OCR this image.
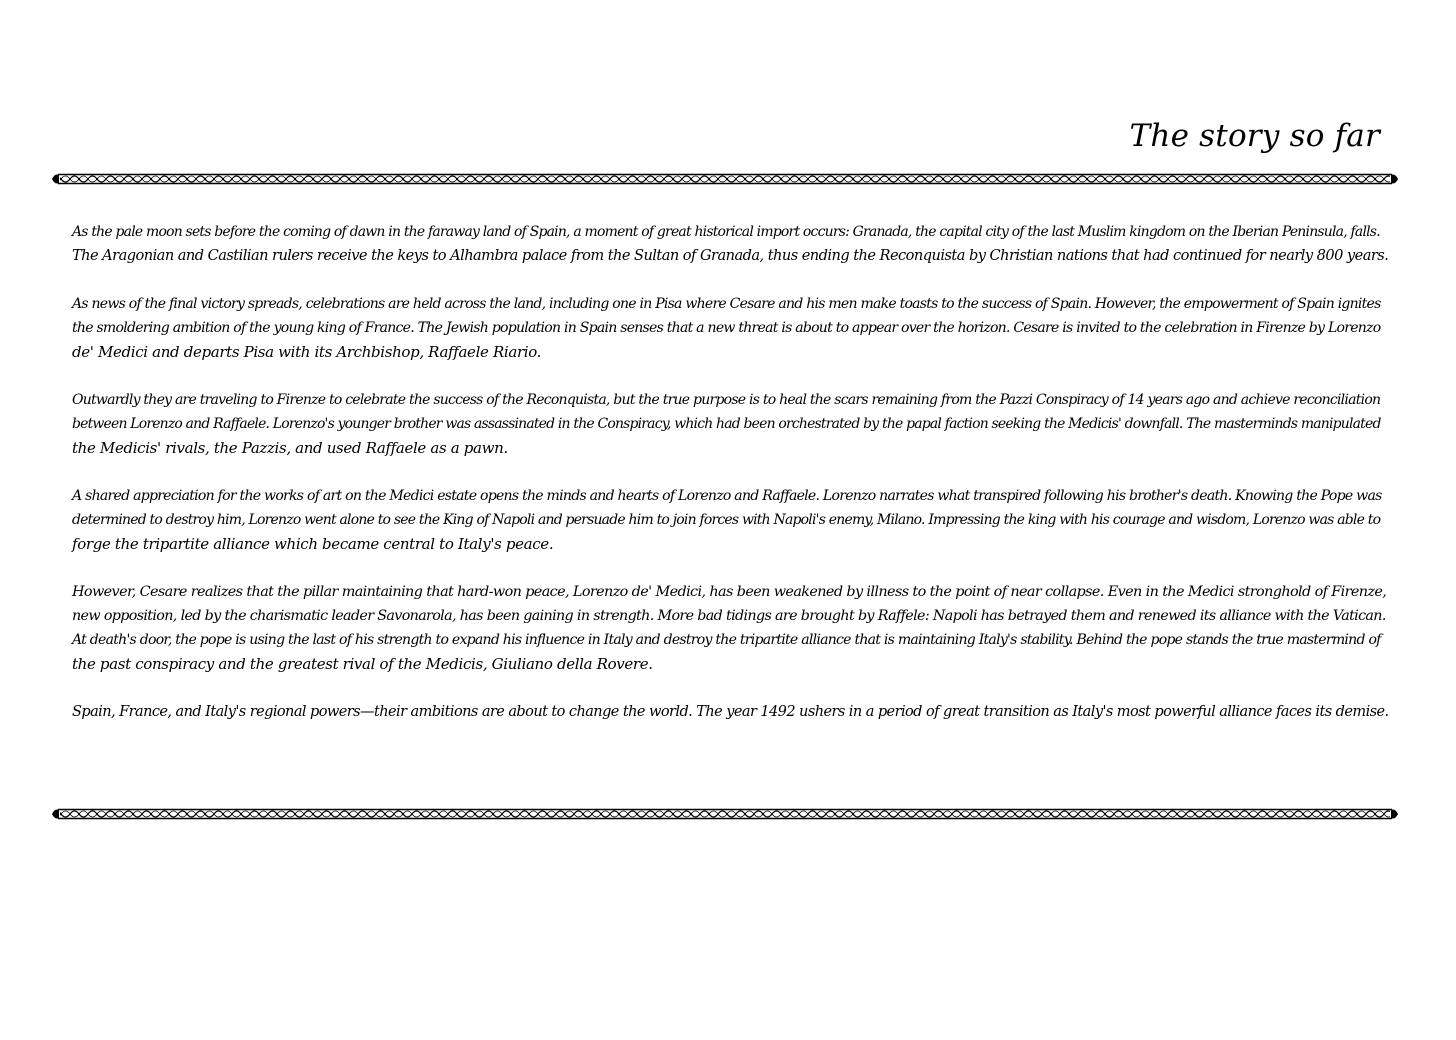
The story so far

As the pale moon sets before the coming of dawn in the faraway land of Spain, a moment of great historical import occurs: Granada, the capital city of the last Muslim kingdom on the Iberian Peninsula, falls.
The Aragonian and Castilian rulers receive the keys to Alhambra palace from the Sultan of Granada, thus ending the Reconquista by Christian nations that had continued for nearly 800 years.

As news of the final victory spreads, celebrations are held across the land, including one in Pisa where Cesare and his men make toasts to the success of Spain. However, the empowerment of Spain ignites
the smoldering ambition of the young king of France. The Jewish population in Spain senses that a new threat is about to appear over the horizon. Cesare is invited to the celebration in Firenze by Lorenzo
de' Medici and departs Pisa with its Archbishop, Raffaele Riario.

Outwardly they are traveling to Firenze to celebrate the success of the Reconquista, but the true purpose is to heal the scars remaining from the Pazzi Conspiracy of 14 years ago and achieve reconciliation
between Lorenzo and Raffaele. Lorenzo's younger brother was assassinated in the Conspiracy, which had been orchestrated by the papal faction seeking the Medicis' downfall. The masterminds manipulated
the Medicis' rivals, the Pazzis, and used Raffaele as a pawn.

A shared appreciation for the works of art on the Medici estate opens the minds and hearts of Lorenzo and Raffaele. Lorenzo narrates what transpired following his brother's death. Knowing the Pope was
determined to destroy him, Lorenzo went alone to see the King of Napoli and persuade him to join forces with Napoli's enemy, Milano. Impressing the king with his courage and wisdom, Lorenzo was able to
forge the tripartite alliance which became central to Italy's peace.

However, Cesare realizes that the pillar maintaining that hard-won peace, Lorenzo de' Medici, has been weakened by illness to the point of near collapse. Even in the Medici stronghold of Firenze,
new opposition, led by the charismatic leader Savonarola, has been gaining in strength. More bad tidings are brought by Raffele: Napoli has betrayed them and renewed its alliance with the Vatican.
At death's door, the pope is using the last of his strength to expand his influence in Italy and destroy the tripartite alliance that is maintaining Italy's stability. Behind the pope stands the true mastermind of
the past conspiracy and the greatest rival of the Medicis, Giuliano della Rovere.

Spain, France, and Italy's regional powers—their ambitions are about to change the world. The year 1492 ushers in a period of great transition as Italy's most powerful alliance faces its demise.
